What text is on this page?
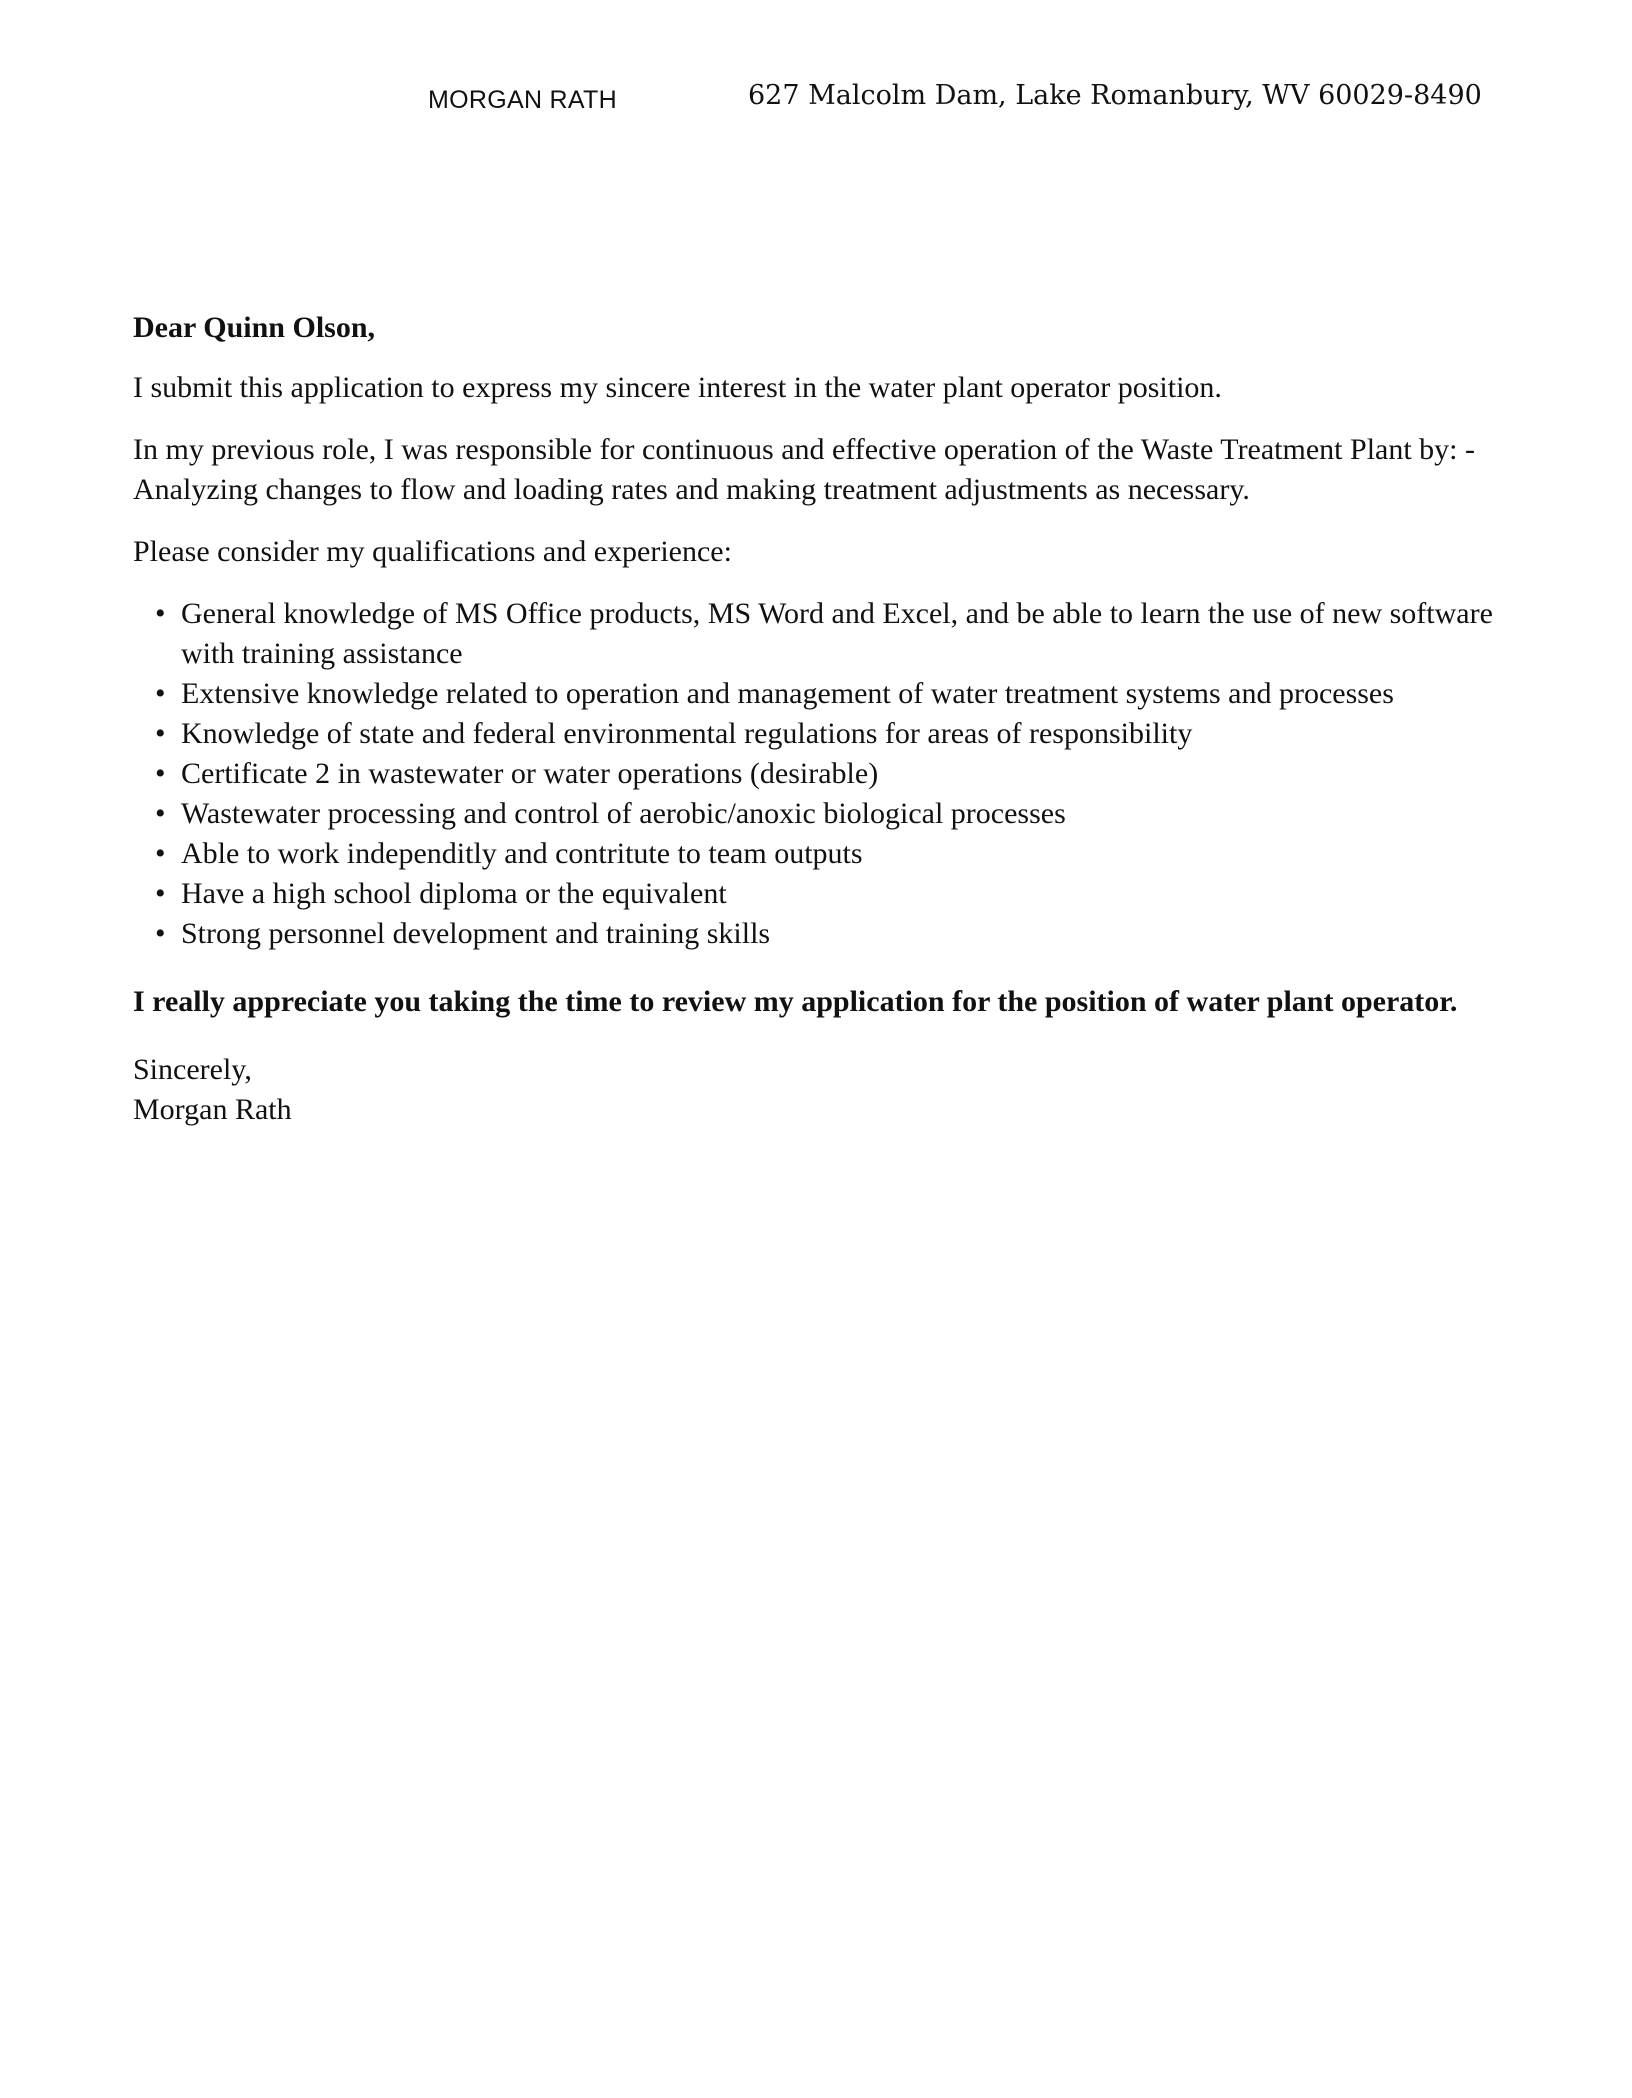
MORGAN RATH	627 Malcolm Dam, Lake Romanbury, WV 60029-8490

Dear Quinn Olson,

I submit this application to express my sincere interest in the water plant operator position.

In my previous role, I was responsible for continuous and effective operation of the Waste Treatment Plant by: - Analyzing changes to flow and loading rates and making treatment adjustments as necessary.

Please consider my qualifications and experience:

• General knowledge of MS Office products, MS Word and Excel, and be able to learn the use of new software with training assistance
• Extensive knowledge related to operation and management of water treatment systems and processes
• Knowledge of state and federal environmental regulations for areas of responsibility
• Certificate 2 in wastewater or water operations (desirable)
• Wastewater processing and control of aerobic/anoxic biological processes
• Able to work independitly and contritute to team outputs
• Have a high school diploma or the equivalent
• Strong personnel development and training skills

I really appreciate you taking the time to review my application for the position of water plant operator.

Sincerely,
Morgan Rath
